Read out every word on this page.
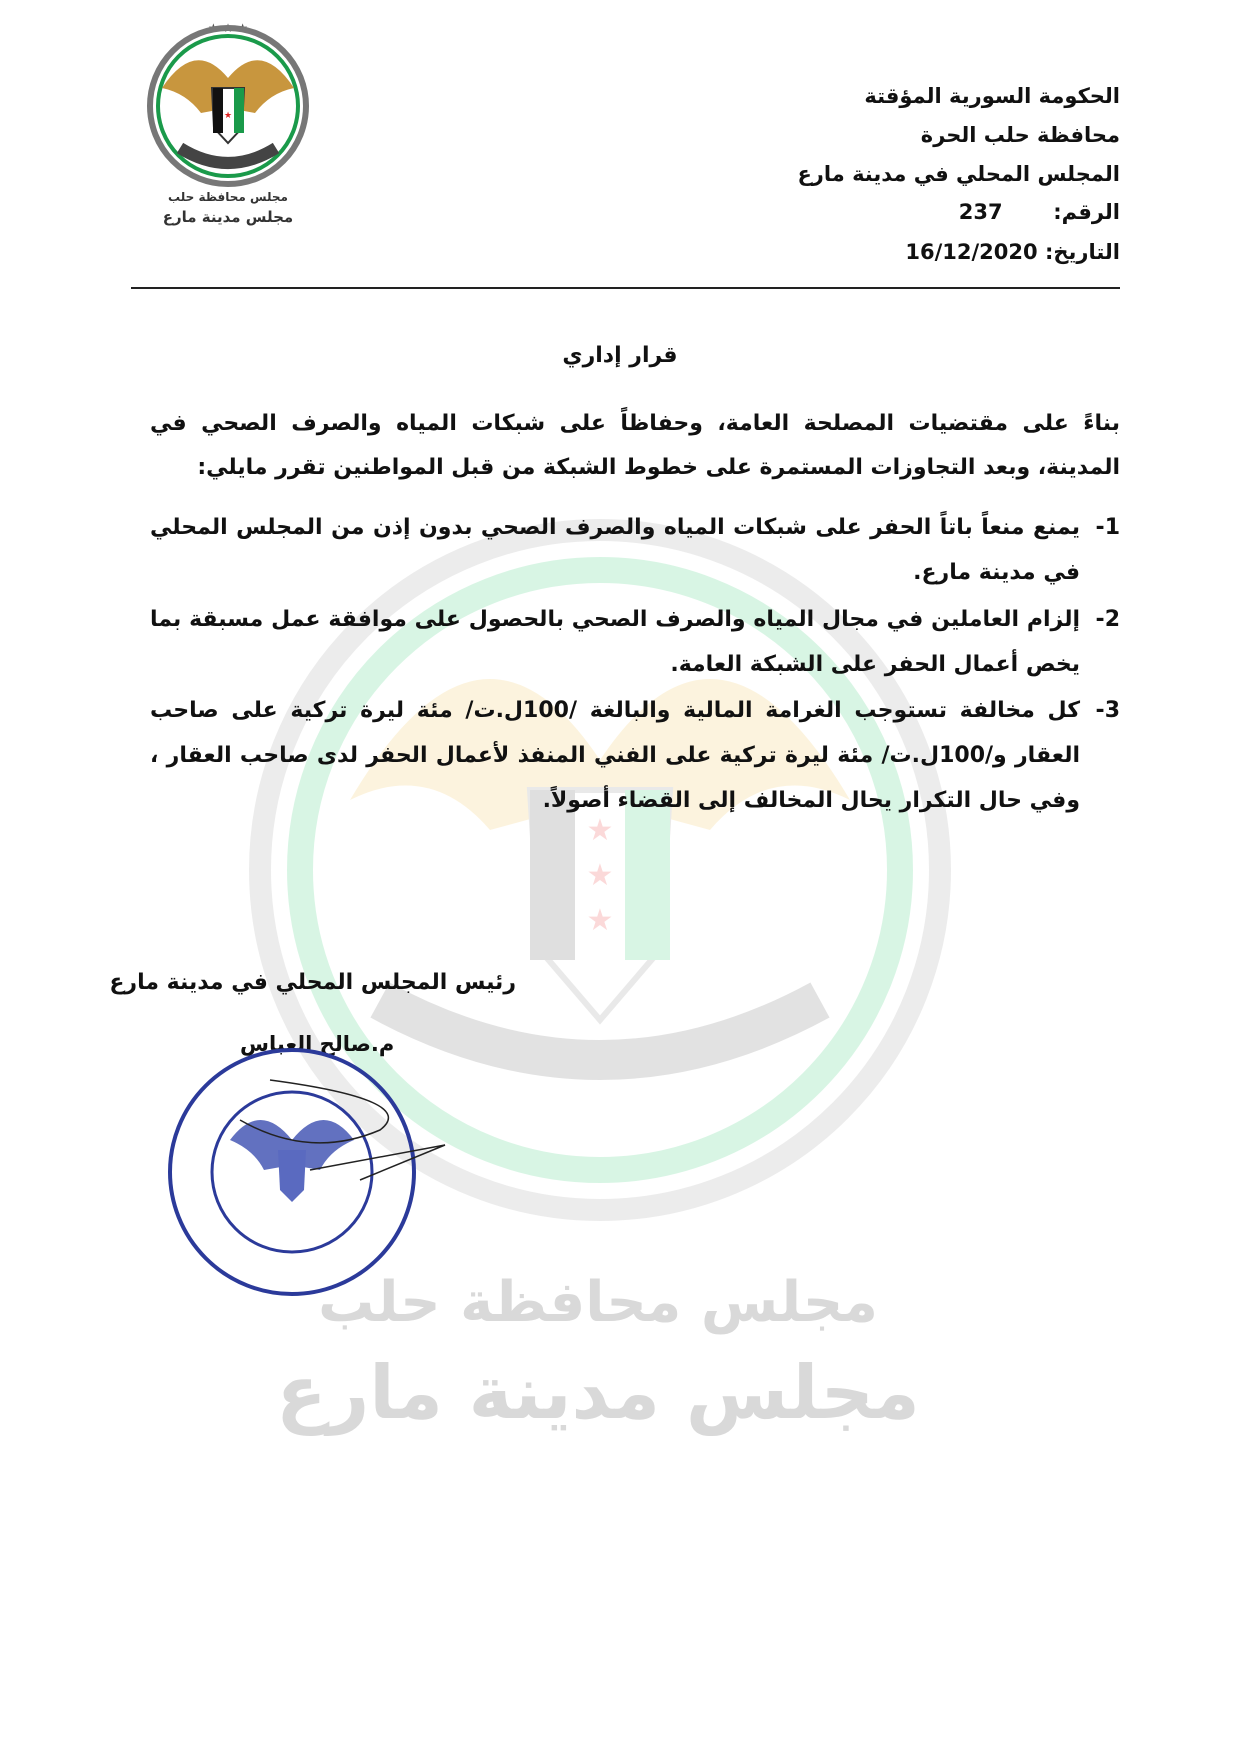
★
★
★
مجلس محافظة حلب
مجلس مدينة مارع
★ ★ ★
★
مجلس محافظة حلب
مجلس مدينة مارع
الحكومة السورية المؤقتة
محافظة حلب الحرة
المجلس المحلي في مدينة مارع
الرقم:  237
التاريخ: 16/12/2020
قرار إداري
بناءً على مقتضيات المصلحة العامة، وحفاظاً على شبكات المياه والصرف الصحي في المدينة، وبعد التجاوزات المستمرة على خطوط الشبكة من قبل المواطنين تقرر مايلي:
1-
يمنع منعاً باتاً الحفر على شبكات المياه والصرف الصحي بدون إذن من المجلس المحلي في مدينة مارع.
2-
إلزام العاملين في مجال المياه والصرف الصحي بالحصول على موافقة عمل مسبقة بما يخص أعمال الحفر على الشبكة العامة.
3-
كل مخالفة تستوجب الغرامة المالية والبالغة /100ل.ت/ مئة ليرة تركية على صاحب العقار و/100ل.ت/ مئة ليرة تركية على الفني المنفذ لأعمال الحفر لدى صاحب العقار ، وفي حال التكرار يحال المخالف إلى القضاء أصولاً.
رئيس المجلس المحلي في مدينة مارع
م.صالح العباس
